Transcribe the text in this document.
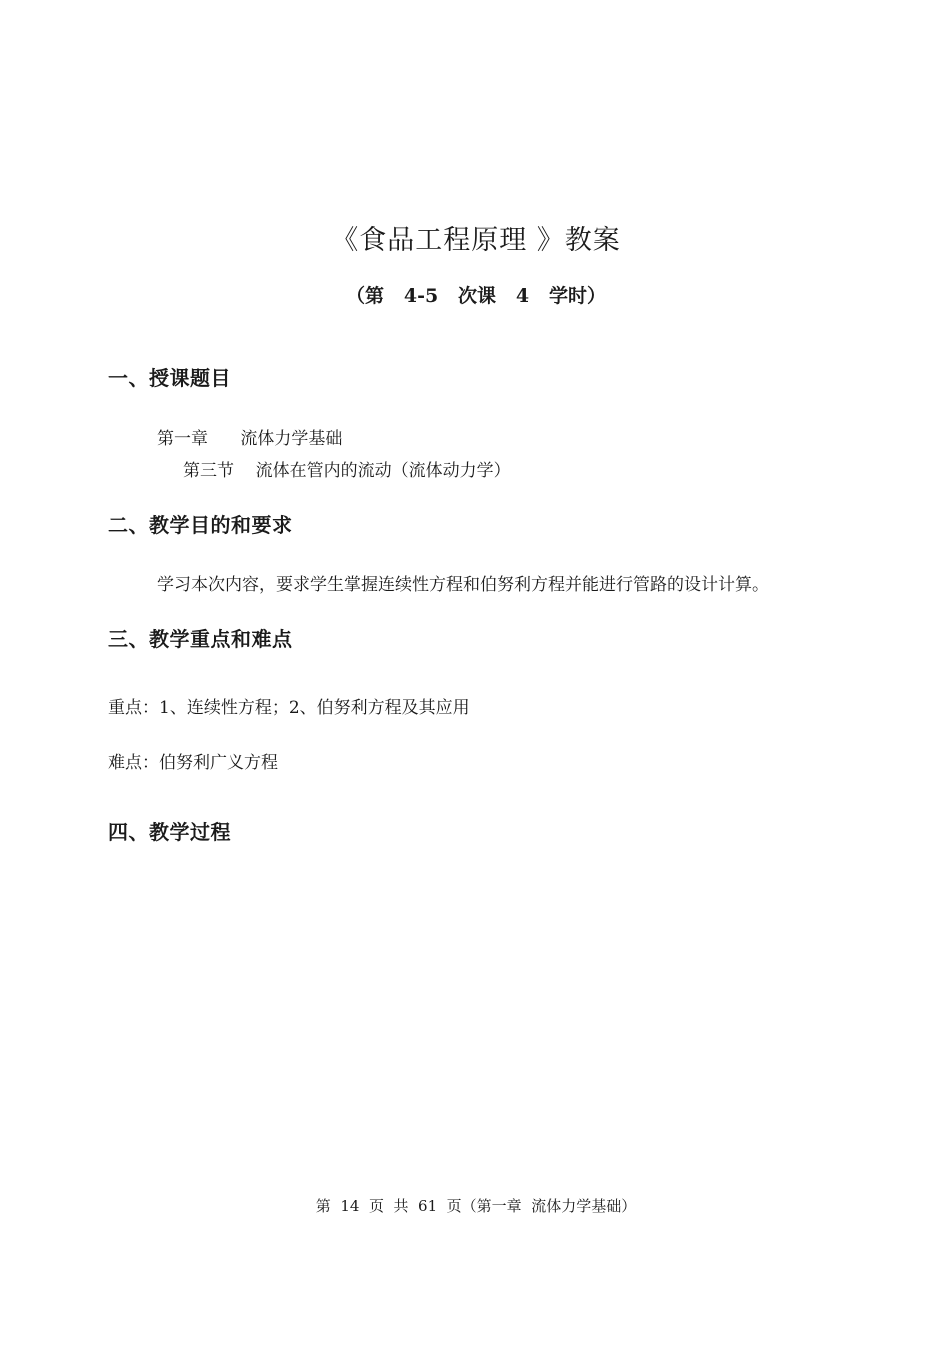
《食品工程原理 》教案

（第   4-5   次课   4   学时）

一、授课题目

第一章      流体力学基础

第三节    流体在管内的流动（流体动力学）

二、教学目的和要求

学习本次内容，要求学生掌握连续性方程和伯努利方程并能进行管路的设计计算。

三、教学重点和难点

重点：1、连续性方程；2、伯努利方程及其应用

难点：伯努利广义方程

四、教学过程

第  14  页  共  61  页（第一章  流体力学基础）
